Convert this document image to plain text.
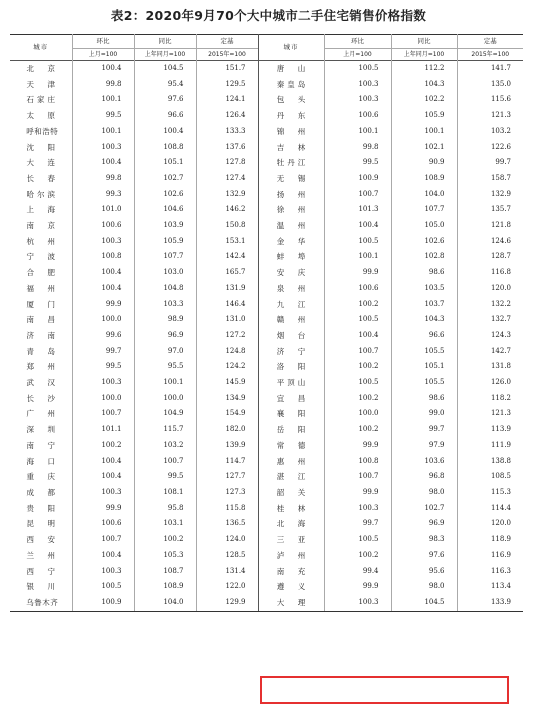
表2：2020年9月70个大中城市二手住宅销售价格指数
城市	环比	同比	定基	城市	环比	同比	定基
	上月=100	上年同月=100	2015年=100		上月=100	上年同月=100	2015年=100
北　京	100.4	104.5	151.7	唐　山	100.5	112.2	141.7
天　津	99.8	95.4	129.5	秦皇岛	100.3	104.3	135.0
石家庄	100.1	97.6	124.1	包　头	100.3	102.2	115.6
太　原	99.5	96.6	126.4	丹　东	100.6	105.9	121.3
呼和浩特	100.1	100.4	133.3	锦　州	100.1	100.1	103.2
沈　阳	100.3	108.8	137.6	吉　林	99.8	102.1	122.6
大　连	100.4	105.1	127.8	牡丹江	99.5	90.9	99.7
长　春	99.8	102.7	127.4	无　锡	100.9	108.9	158.7
哈尔滨	99.3	102.6	132.9	扬　州	100.7	104.0	132.9
上　海	101.0	104.6	146.2	徐　州	101.3	107.7	135.7
南　京	100.6	103.9	150.8	温　州	100.4	105.0	121.8
杭　州	100.3	105.9	153.1	金　华	100.5	102.6	124.6
宁　波	100.8	107.7	142.4	蚌　埠	100.1	102.8	128.7
合　肥	100.4	103.0	165.7	安　庆	99.9	98.6	116.8
福　州	100.4	104.8	131.9	泉　州	100.6	103.5	120.0
厦　门	99.9	103.3	146.4	九　江	100.2	103.7	132.2
南　昌	100.0	98.9	131.0	赣　州	100.5	104.3	132.7
济　南	99.6	96.9	127.2	烟　台	100.4	96.6	124.3
青　岛	99.7	97.0	124.8	济　宁	100.7	105.5	142.7
郑　州	99.5	95.5	124.2	洛　阳	100.2	105.1	131.8
武　汉	100.3	100.1	145.9	平顶山	100.5	105.5	126.0
长　沙	100.0	100.0	134.9	宜　昌	100.2	98.6	118.2
广　州	100.7	104.9	154.9	襄　阳	100.0	99.0	121.3
深　圳	101.1	115.7	182.0	岳　阳	100.2	99.7	113.9
南　宁	100.2	103.2	139.9	常　德	99.9	97.9	111.9
海　口	100.4	100.7	114.7	惠　州	100.8	103.6	138.8
重　庆	100.4	99.5	127.7	湛　江	100.7	96.8	108.5
成　都	100.3	108.1	127.3	韶　关	99.9	98.0	115.3
贵　阳	99.9	95.8	115.8	桂　林	100.3	102.7	114.4
昆　明	100.6	103.1	136.5	北　海	99.7	96.9	120.0
西　安	100.7	100.2	124.0	三　亚	100.5	98.3	118.9
兰　州	100.4	105.3	128.5	泸　州	100.2	97.6	116.9
西　宁	100.3	108.7	131.4	南　充	99.4	95.6	116.3
银　川	100.5	108.9	122.0	遵　义	99.9	98.0	113.4
乌鲁木齐	100.9	104.0	129.9	大　理	100.3	104.5	133.9
